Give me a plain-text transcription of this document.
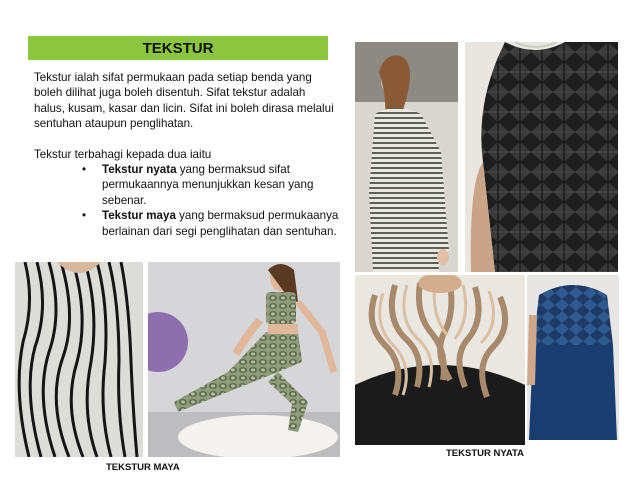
TEKSTUR

Tekstur ialah sifat permukaan pada setiap benda yang boleh dilihat juga boleh disentuh. Sifat tekstur adalah halus, kusam, kasar dan licin. Sifat ini boleh dirasa melalui sentuhan ataupun penglihatan.

Tekstur terbahagi kepada dua iaitu

• Tekstur nyata yang bermaksud sifat permukaannya menunjukkan kesan yang sebenar.
• Tekstur maya yang bermaksud permukaanya berlainan dari segi penglihatan dan sentuhan.
TEKSTUR MAYA
TEKSTUR NYATA
